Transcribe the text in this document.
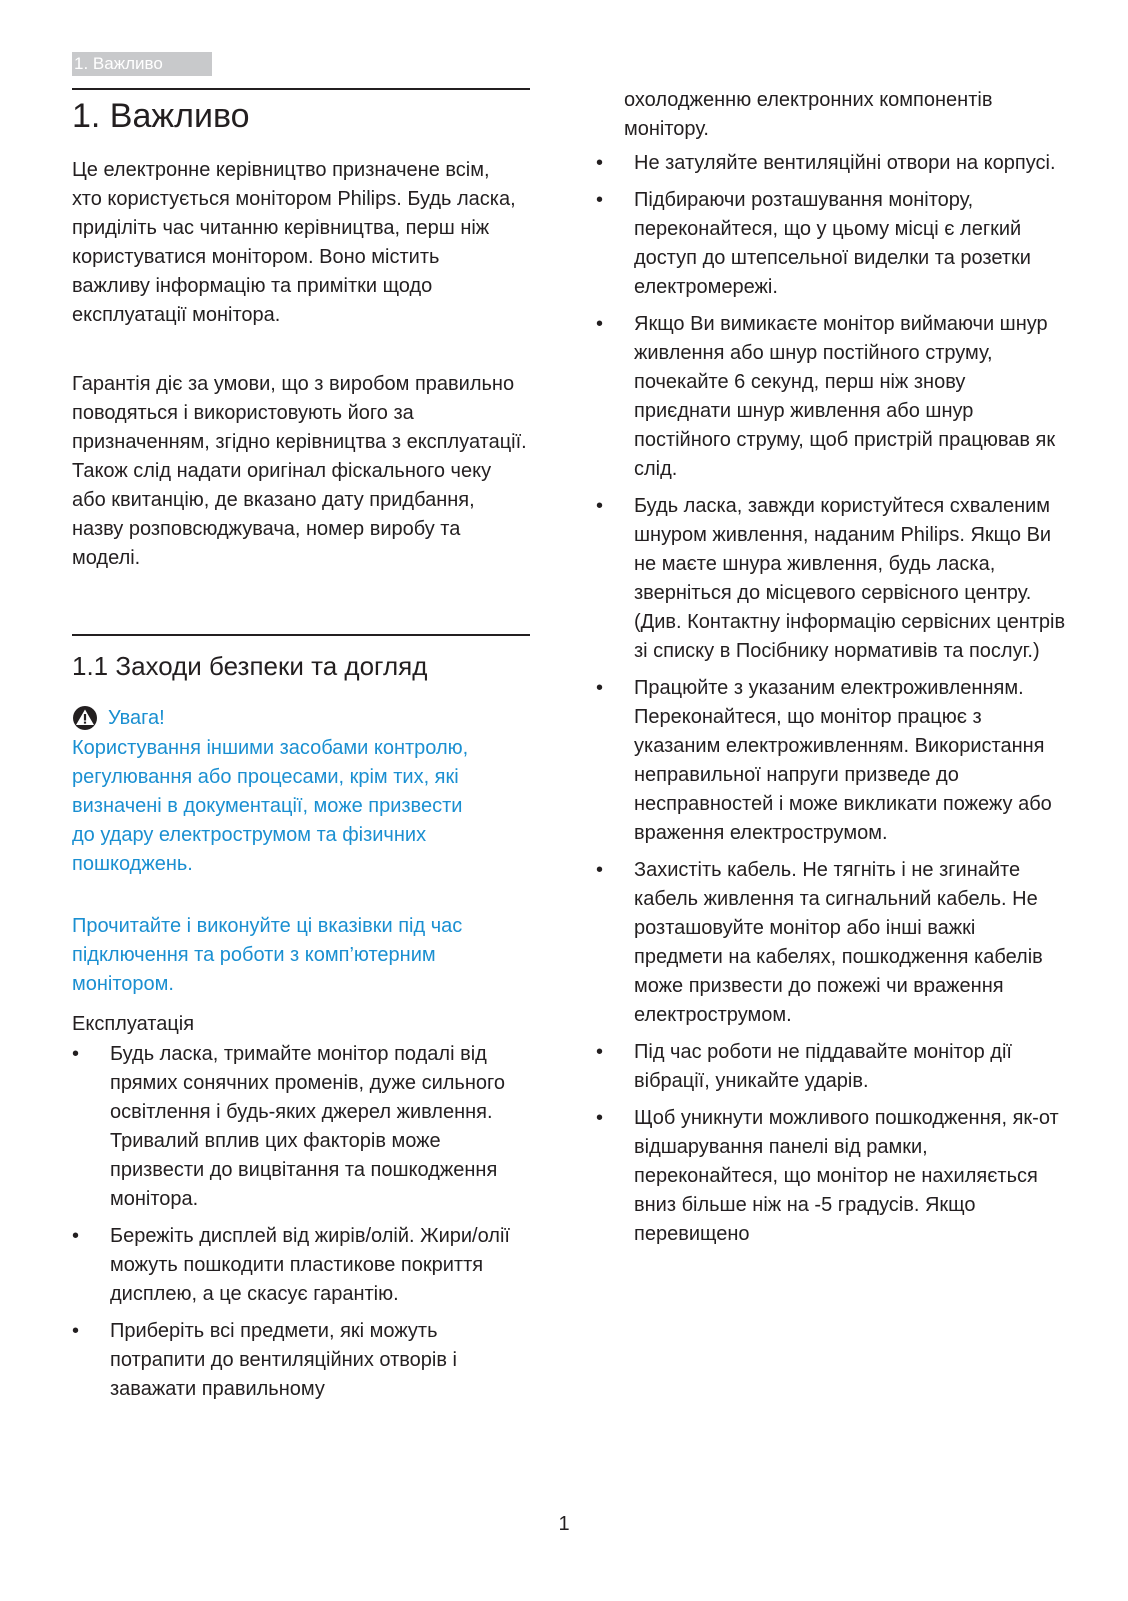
1. Важливо
1. Важливо

Це електронне керівництво призначене всім, хто користується монітором Philips. Будь ласка, приділіть час читанню керівництва, перш ніж користуватися монітором. Воно містить важливу інформацію та примітки щодо експлуатації монітора.

Гарантія діє за умови, що з виробом правильно поводяться і використовують його за призначенням, згідно керівництва з експлуатації. Також слід надати оригінал фіскального чеку або квитанцію, де вказано дату придбання, назву розповсюджувача, номер виробу та моделі.

1.1 Заходи безпеки та догляд
Увага!

Користування іншими засобами контролю, регулювання або процесами, крім тих, які визначені в документації, може призвести до удару електрострумом та фізичних пошкоджень.

Прочитайте і виконуйте ці вказівки під час підключення та роботи з комп’ютерним монітором.

Експлуатація

• Будь ласка, тримайте монітор подалі від прямих сонячних променів, дуже сильного освітлення і будь-яких джерел живлення. Тривалий вплив цих факторів може призвести до вицвітання та пошкодження монітора.
• Бережіть дисплей від жирів/олій. Жири/олії можуть пошкодити пластикове покриття дисплею, а це скасує гарантію.
• Приберіть всі предмети, які можуть потрапити до вентиляційних отворів і заважати правильному

охолодженню електронних компонентів монітору.

• Не затуляйте вентиляційні отвори на корпусі.
• Підбираючи розташування монітору, переконайтеся, що у цьому місці є легкий доступ до штепсельної виделки та розетки електромережі.
• Якщо Ви вимикаєте монітор виймаючи шнур живлення або шнур постійного струму, почекайте 6 секунд, перш ніж знову приєднати шнур живлення або шнур постійного струму, щоб пристрій працював як слід.
• Будь ласка, завжди користуйтеся схваленим шнуром живлення, наданим Philips. Якщо Ви не маєте шнура живлення, будь ласка, зверніться до місцевого сервісного центру. (Див. Контактну інформацію сервісних центрів зі списку в Посібнику нормативів та послуг.)
• Працюйте з указаним електроживленням. Переконайтеся, що монітор працює з указаним електроживленням. Використання неправильної напруги призведе до несправностей і може викликати пожежу або враження електрострумом.
• Захистіть кабель. Не тягніть і не згинайте кабель живлення та сигнальний кабель. Не розташовуйте монітор або інші важкі предмети на кабелях, пошкодження кабелів може призвести до пожежі чи враження електрострумом.
• Під час роботи не піддавайте монітор дії вібрації, уникайте ударів.
• Щоб уникнути можливого пошкодження, як-от відшарування панелі від рамки, переконайтеся, що монітор не нахиляється вниз більше ніж на -5 градусів. Якщо перевищено
1
